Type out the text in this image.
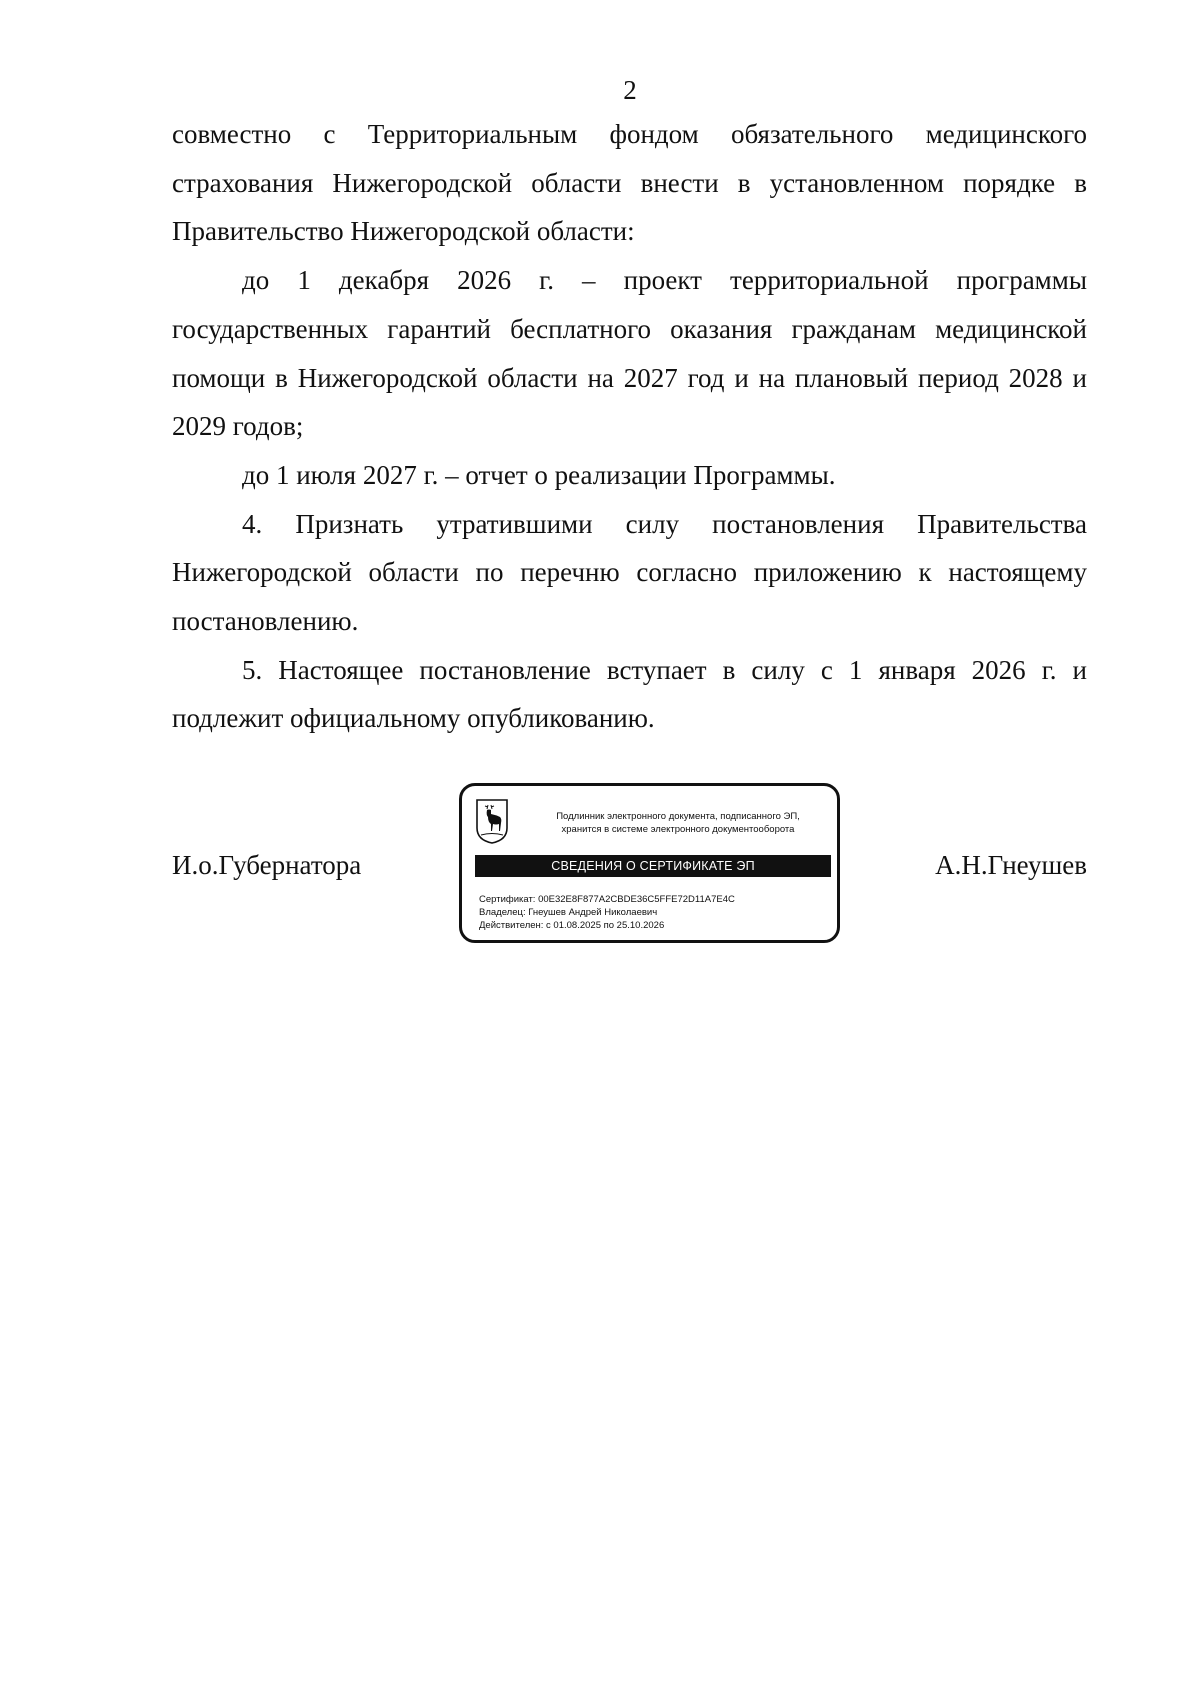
2

совместно с Территориальным фондом обязательного медицинского страхования Нижегородской области внести в установленном порядке в Правительство Нижегородской области:

до 1 декабря 2026 г. – проект территориальной программы государственных гарантий бесплатного оказания гражданам медицинской помощи в Нижегородской области на 2027 год и на плановый период 2028 и 2029 годов;

до 1 июля 2027 г. – отчет о реализации Программы.

4. Признать утратившими силу постановления Правительства Нижегородской области по перечню согласно приложению к настоящему постановлению.

5. Настоящее постановление вступает в силу с 1 января 2026 г. и подлежит официальному опубликованию.

И.о.Губернатора
Подлинник электронного документа, подписанного ЭП,
хранится в системе электронного документооборота
СВЕДЕНИЯ О СЕРТИФИКАТЕ ЭП
Сертификат: 00E32E8F877A2CBDE36C5FFE72D11A7E4C
Владелец: Гнеушев Андрей Николаевич
Действителен: с 01.08.2025 по 25.10.2026
А.Н.Гнеушев
